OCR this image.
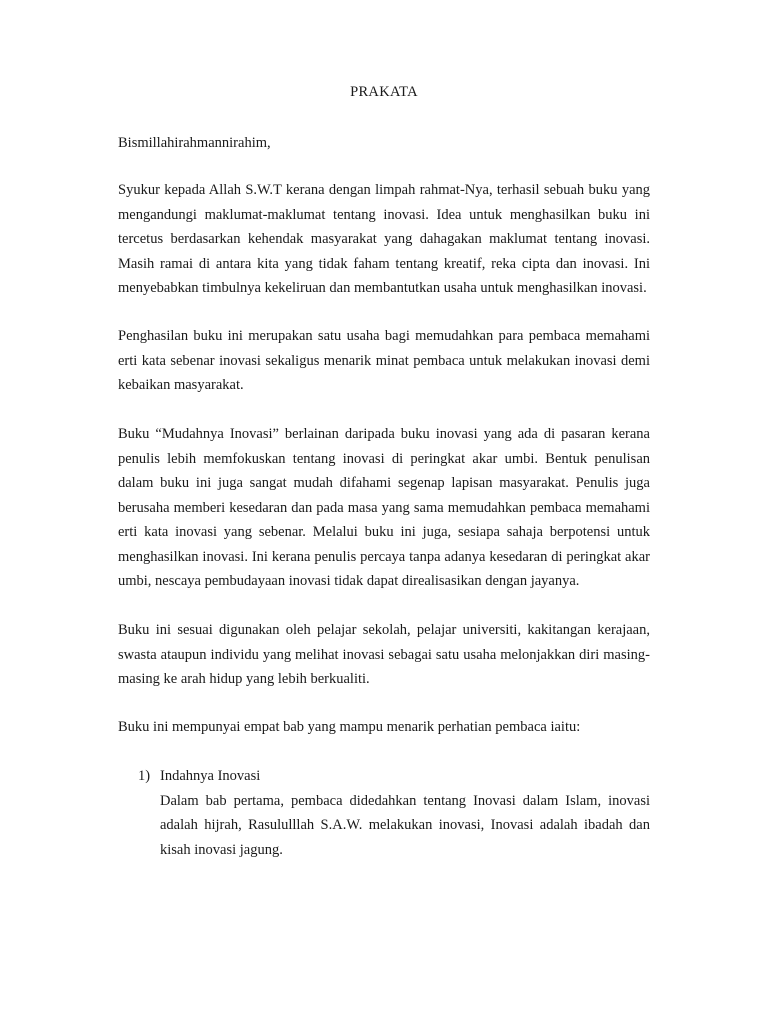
PRAKATA

Bismillahirahmannirahim,

Syukur kepada Allah S.W.T kerana dengan limpah rahmat-Nya, terhasil sebuah buku yang mengandungi maklumat-maklumat tentang inovasi. Idea untuk menghasilkan buku ini tercetus berdasarkan kehendak masyarakat yang dahagakan maklumat tentang inovasi. Masih ramai di antara kita yang tidak faham tentang kreatif, reka cipta dan inovasi. Ini menyebabkan timbulnya kekeliruan dan membantutkan usaha untuk menghasilkan inovasi.

Penghasilan buku ini merupakan satu usaha bagi memudahkan para pembaca memahami erti kata sebenar inovasi sekaligus menarik minat pembaca untuk melakukan inovasi demi kebaikan masyarakat.

Buku “Mudahnya Inovasi” berlainan daripada buku inovasi yang ada di pasaran kerana penulis lebih memfokuskan tentang inovasi di peringkat akar umbi. Bentuk penulisan dalam buku ini juga sangat mudah difahami segenap lapisan masyarakat. Penulis juga berusaha memberi kesedaran dan pada masa yang sama memudahkan pembaca memahami erti kata inovasi yang sebenar. Melalui buku ini juga, sesiapa sahaja berpotensi untuk menghasilkan inovasi. Ini kerana penulis percaya tanpa adanya kesedaran di peringkat akar umbi, nescaya pembudayaan inovasi tidak dapat direalisasikan dengan jayanya.

Buku ini sesuai digunakan oleh pelajar sekolah, pelajar universiti, kakitangan kerajaan, swasta ataupun individu yang melihat inovasi sebagai satu usaha melonjakkan diri masing-masing ke arah hidup yang lebih berkualiti.

Buku ini mempunyai empat bab yang mampu menarik perhatian pembaca iaitu:

1) Indahnya Inovasi

Dalam bab pertama, pembaca didedahkan tentang Inovasi dalam Islam, inovasi adalah hijrah, Rasululllah S.A.W. melakukan inovasi, Inovasi adalah ibadah dan kisah inovasi jagung.
